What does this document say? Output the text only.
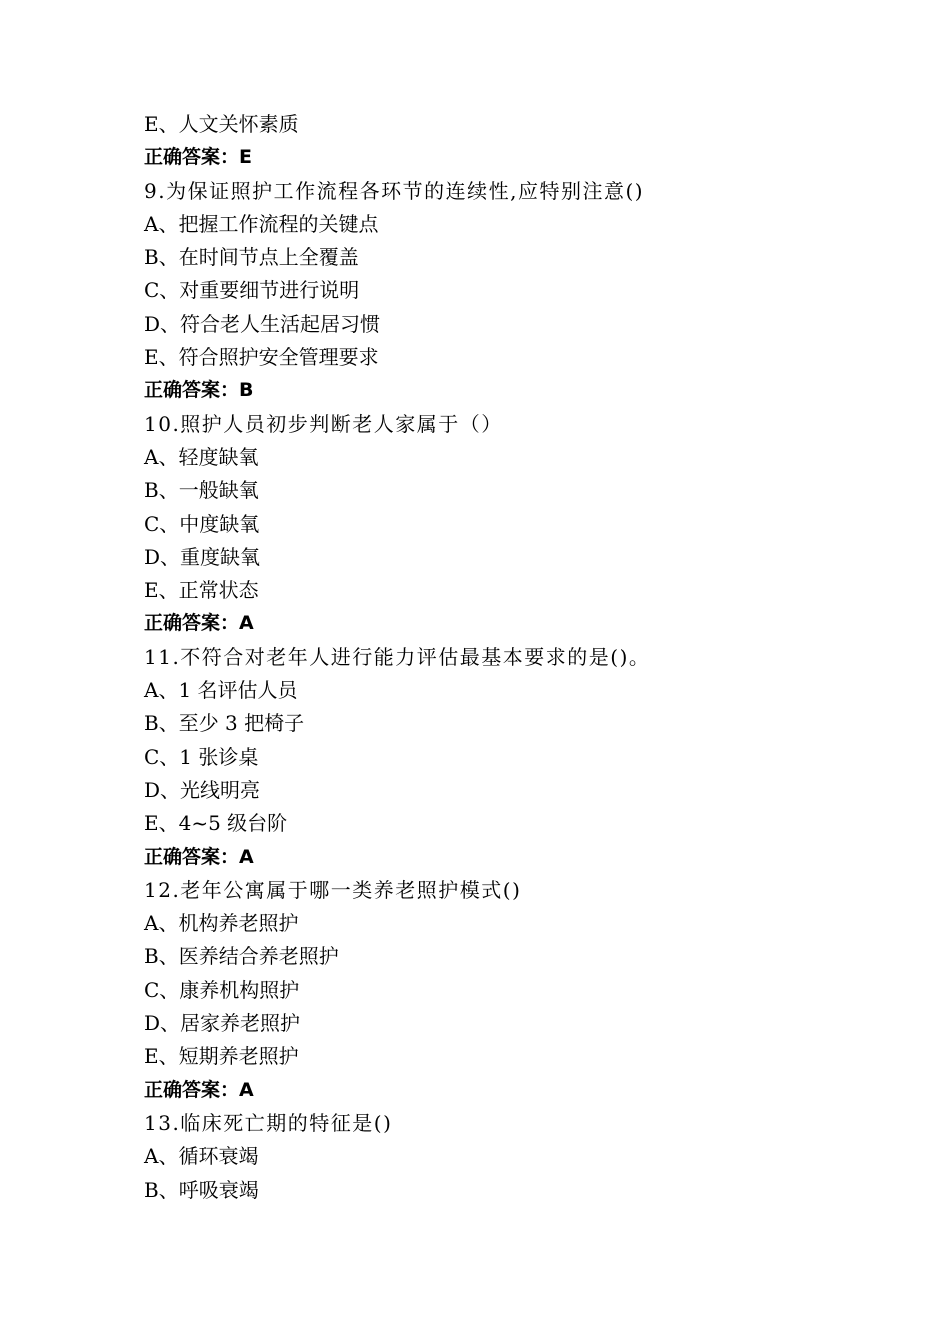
E、人文关怀素质
正确答案：E
9.为保证照护工作流程各环节的连续性,应特别注意()
A、把握工作流程的关键点
B、在时间节点上全覆盖
C、对重要细节进行说明
D、符合老人生活起居习惯
E、符合照护安全管理要求
正确答案：B
10.照护人员初步判断老人家属于（）
A、轻度缺氧
B、一般缺氧
C、中度缺氧
D、重度缺氧
E、正常状态
正确答案：A
11.不符合对老年人进行能力评估最基本要求的是()。
A、1 名评估人员
B、至少 3 把椅子
C、1 张诊桌
D、光线明亮
E、4~5 级台阶
正确答案：A
12.老年公寓属于哪一类养老照护模式()
A、机构养老照护
B、医养结合养老照护
C、康养机构照护
D、居家养老照护
E、短期养老照护
正确答案：A
13.临床死亡期的特征是()
A、循环衰竭
B、呼吸衰竭
